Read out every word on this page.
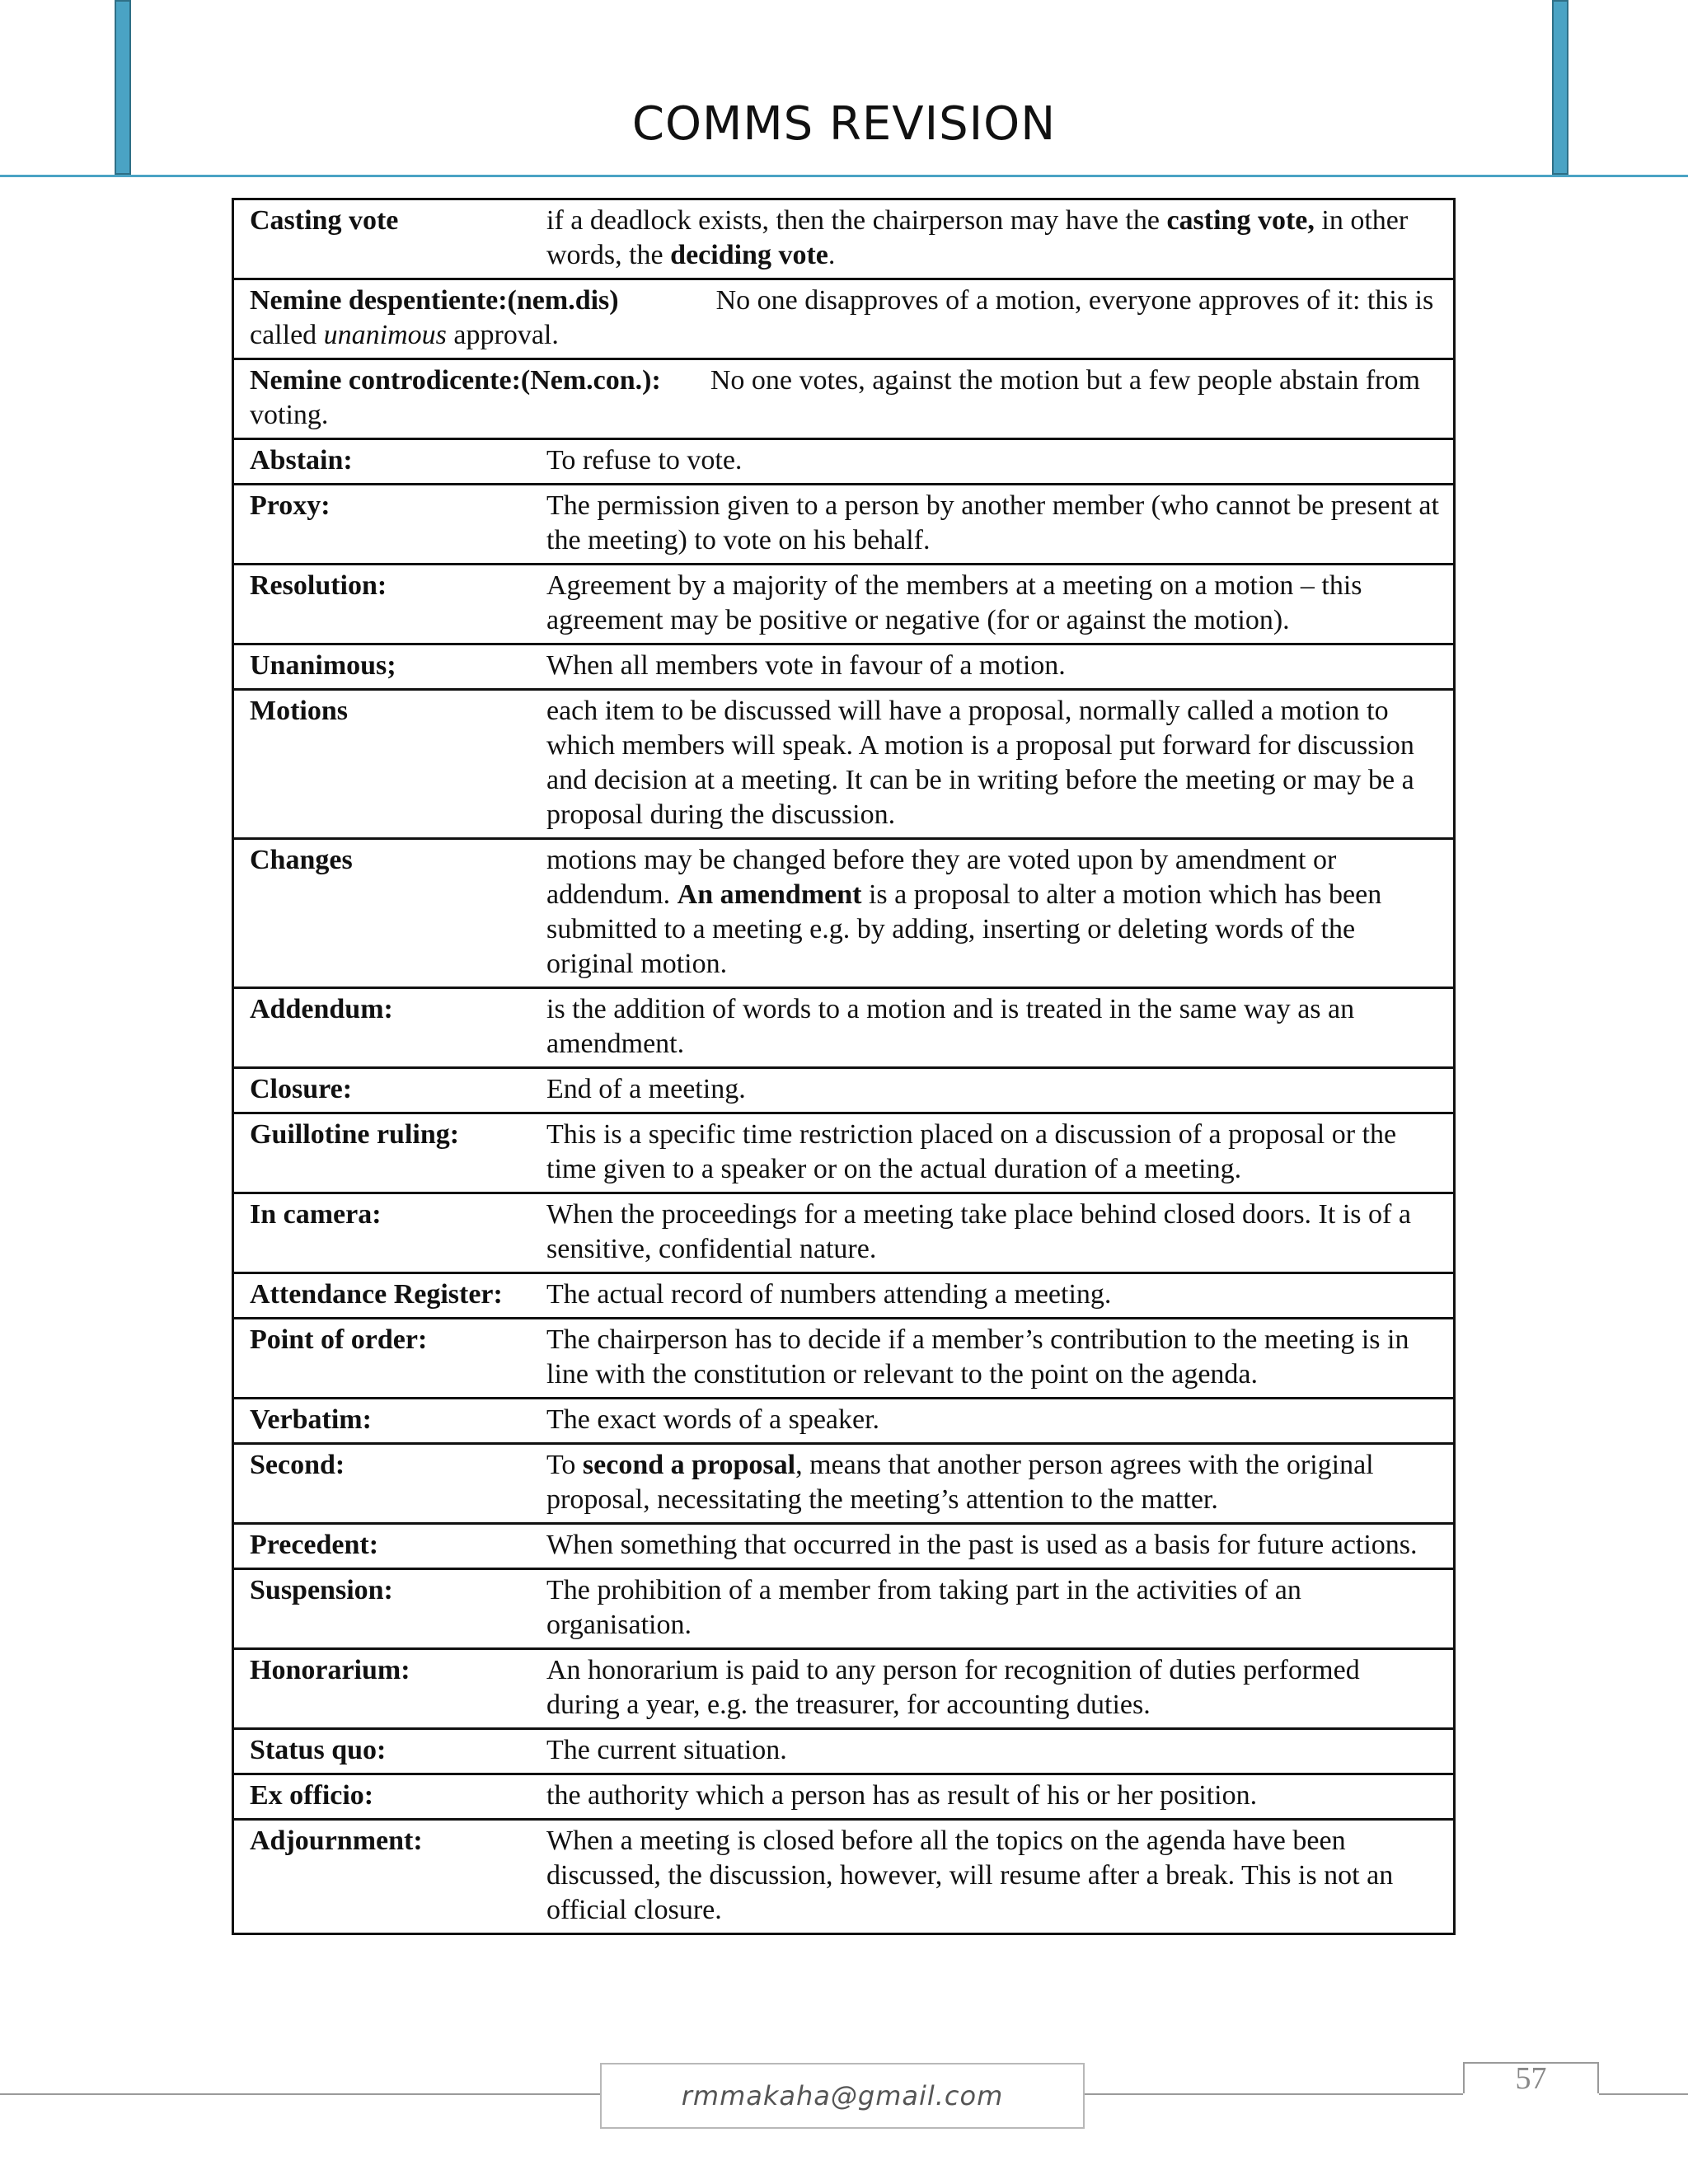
COMMS REVISION
Casting vote	if a deadlock exists, then the chairperson may have the casting vote, in other words, the deciding vote.
Nemine despentiente:(nem.dis)	No one disapproves of a motion, everyone approves of it: this is called unanimous approval.
Nemine controdicente:(Nem.con.): No one votes, against the motion but a few people abstain from voting.
Abstain:	To refuse to vote.
Proxy:	The permission given to a person by another member (who cannot be present at the meeting) to vote on his behalf.
Resolution:	Agreement by a majority of the members at a meeting on a motion – this agreement may be positive or negative (for or against the motion).
Unanimous;	When all members vote in favour of a motion.
Motions	each item to be discussed will have a proposal, normally called a motion to which members will speak. A motion is a proposal put forward for discussion and decision at a meeting. It can be in writing before the meeting or may be a proposal during the discussion.
Changes	motions may be changed before they are voted upon by amendment or addendum. An amendment is a proposal to alter a motion which has been submitted to a meeting e.g. by adding, inserting or deleting words of the original motion.
Addendum:	is the addition of words to a motion and is treated in the same way as an amendment.
Closure:	End of a meeting.
Guillotine ruling:	This is a specific time restriction placed on a discussion of a proposal or the time given to a speaker or on the actual duration of a meeting.
In camera:	When the proceedings for a meeting take place behind closed doors. It is of a sensitive, confidential nature.
Attendance Register:	The actual record of numbers attending a meeting.
Point of order:	The chairperson has to decide if a member’s contribution to the meeting is in line with the constitution or relevant to the point on the agenda.
Verbatim:	The exact words of a speaker.
Second:	To second a proposal, means that another person agrees with the original proposal, necessitating the meeting’s attention to the matter.
Precedent:	When something that occurred in the past is used as a basis for future actions.
Suspension:	The prohibition of a member from taking part in the activities of an organisation.
Honorarium:	An honorarium is paid to any person for recognition of duties performed during a year, e.g. the treasurer, for accounting duties.
Status quo:	The current situation.
Ex officio:	the authority which a person has as result of his or her position.
Adjournment:	When a meeting is closed before all the topics on the agenda have been discussed, the discussion, however, will resume after a break. This is not an official closure.
rmmakaha@gmail.com	57
